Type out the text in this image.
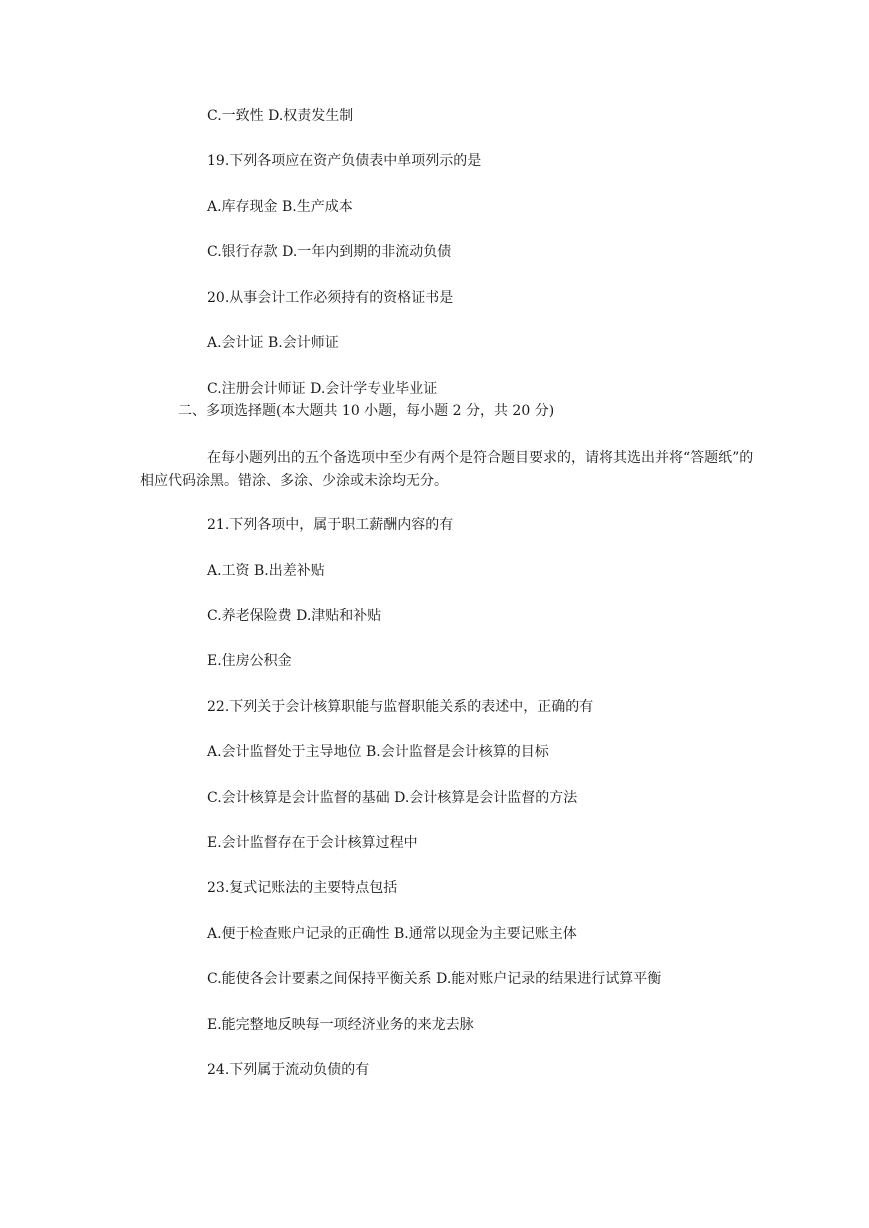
C.一致性 D.权责发生制
19.下列各项应在资产负债表中单项列示的是
A.库存现金 B.生产成本
C.银行存款 D.一年内到期的非流动负债
20.从事会计工作必须持有的资格证书是
A.会计证 B.会计师证
C.注册会计师证 D.会计学专业毕业证
二、多项选择题(本大题共 10 小题，每小题 2 分，共 20 分)
在每小题列出的五个备选项中至少有两个是符合题目要求的，请将其选出并将“答题纸”的相应代码涂黑。错涂、多涂、少涂或未涂均无分。
21.下列各项中，属于职工薪酬内容的有
A.工资 B.出差补贴
C.养老保险费 D.津贴和补贴
E.住房公积金
22.下列关于会计核算职能与监督职能关系的表述中，正确的有
A.会计监督处于主导地位 B.会计监督是会计核算的目标
C.会计核算是会计监督的基础 D.会计核算是会计监督的方法
E.会计监督存在于会计核算过程中
23.复式记账法的主要特点包括
A.便于检查账户记录的正确性 B.通常以现金为主要记账主体
C.能使各会计要素之间保持平衡关系 D.能对账户记录的结果进行试算平衡
E.能完整地反映每一项经济业务的来龙去脉
24.下列属于流动负债的有
